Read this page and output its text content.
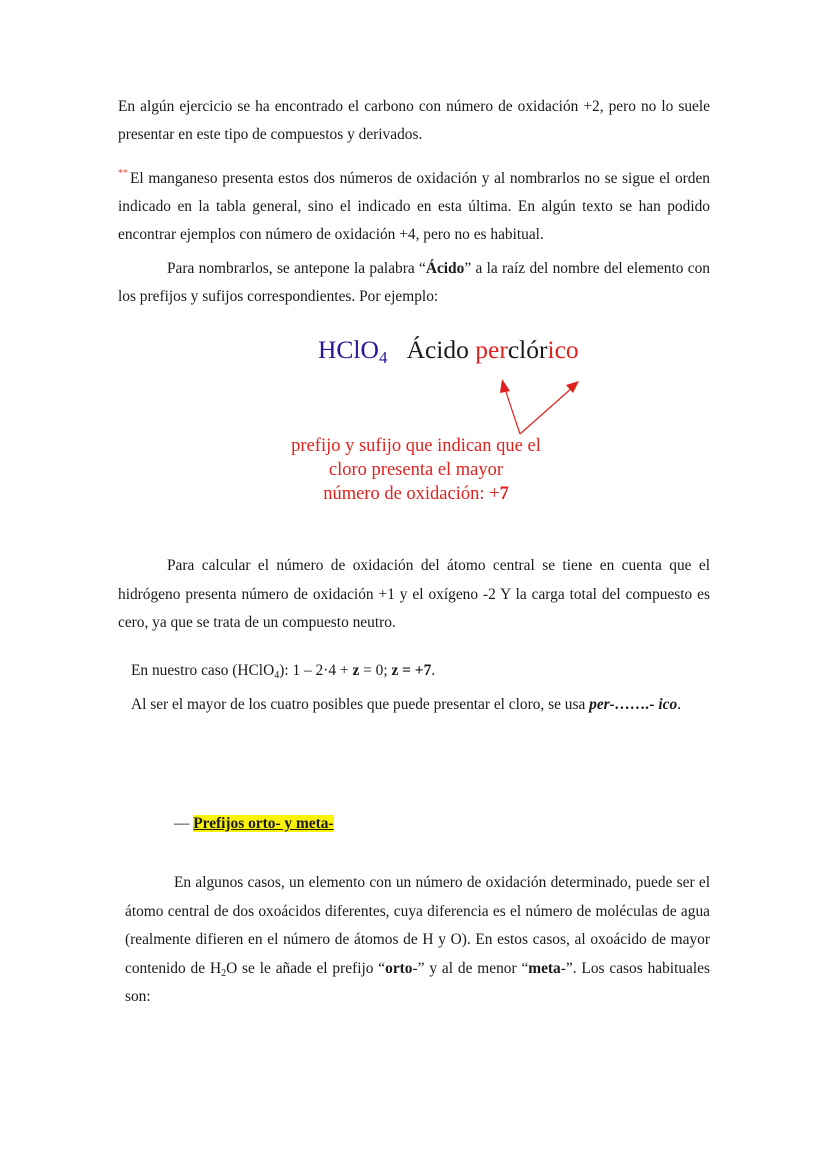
En algún ejercicio se ha encontrado el carbono con número de oxidación +2, pero no lo suele presentar en este tipo de compuestos y derivados.

** El manganeso presenta estos dos números de oxidación y al nombrarlos no se sigue el orden indicado en la tabla general, sino el indicado en esta última. En algún texto se han podido encontrar ejemplos con número de oxidación +4, pero no es habitual.

Para nombrarlos, se antepone la palabra “Ácido” a la raíz del nombre del elemento con los prefijos y sufijos correspondientes. Por ejemplo:

HClO$_4$ Ácido perclórico
prefijo y sufijo que indican que el
cloro presenta el mayor
número de oxidación: +7

Para calcular el número de oxidación del átomo central se tiene en cuenta que el hidrógeno presenta número de oxidación +1 y el oxígeno -2 Y la carga total del compuesto es cero, ya que se trata de un compuesto neutro.

En nuestro caso (HClO$_4$): 1 – 2·4 + z = 0; z = +7.

Al ser el mayor de los cuatro posibles que puede presentar el cloro, se usa per-…….- ico.

— Prefijos orto- y meta-

En algunos casos, un elemento con un número de oxidación determinado, puede ser el átomo central de dos oxoácidos diferentes, cuya diferencia es el número de moléculas de agua (realmente difieren en el número de átomos de H y O). En estos casos, al oxoácido de mayor contenido de $H_2O$ se le añade el prefijo “orto-” y al de menor “meta-”. Los casos habituales son:
